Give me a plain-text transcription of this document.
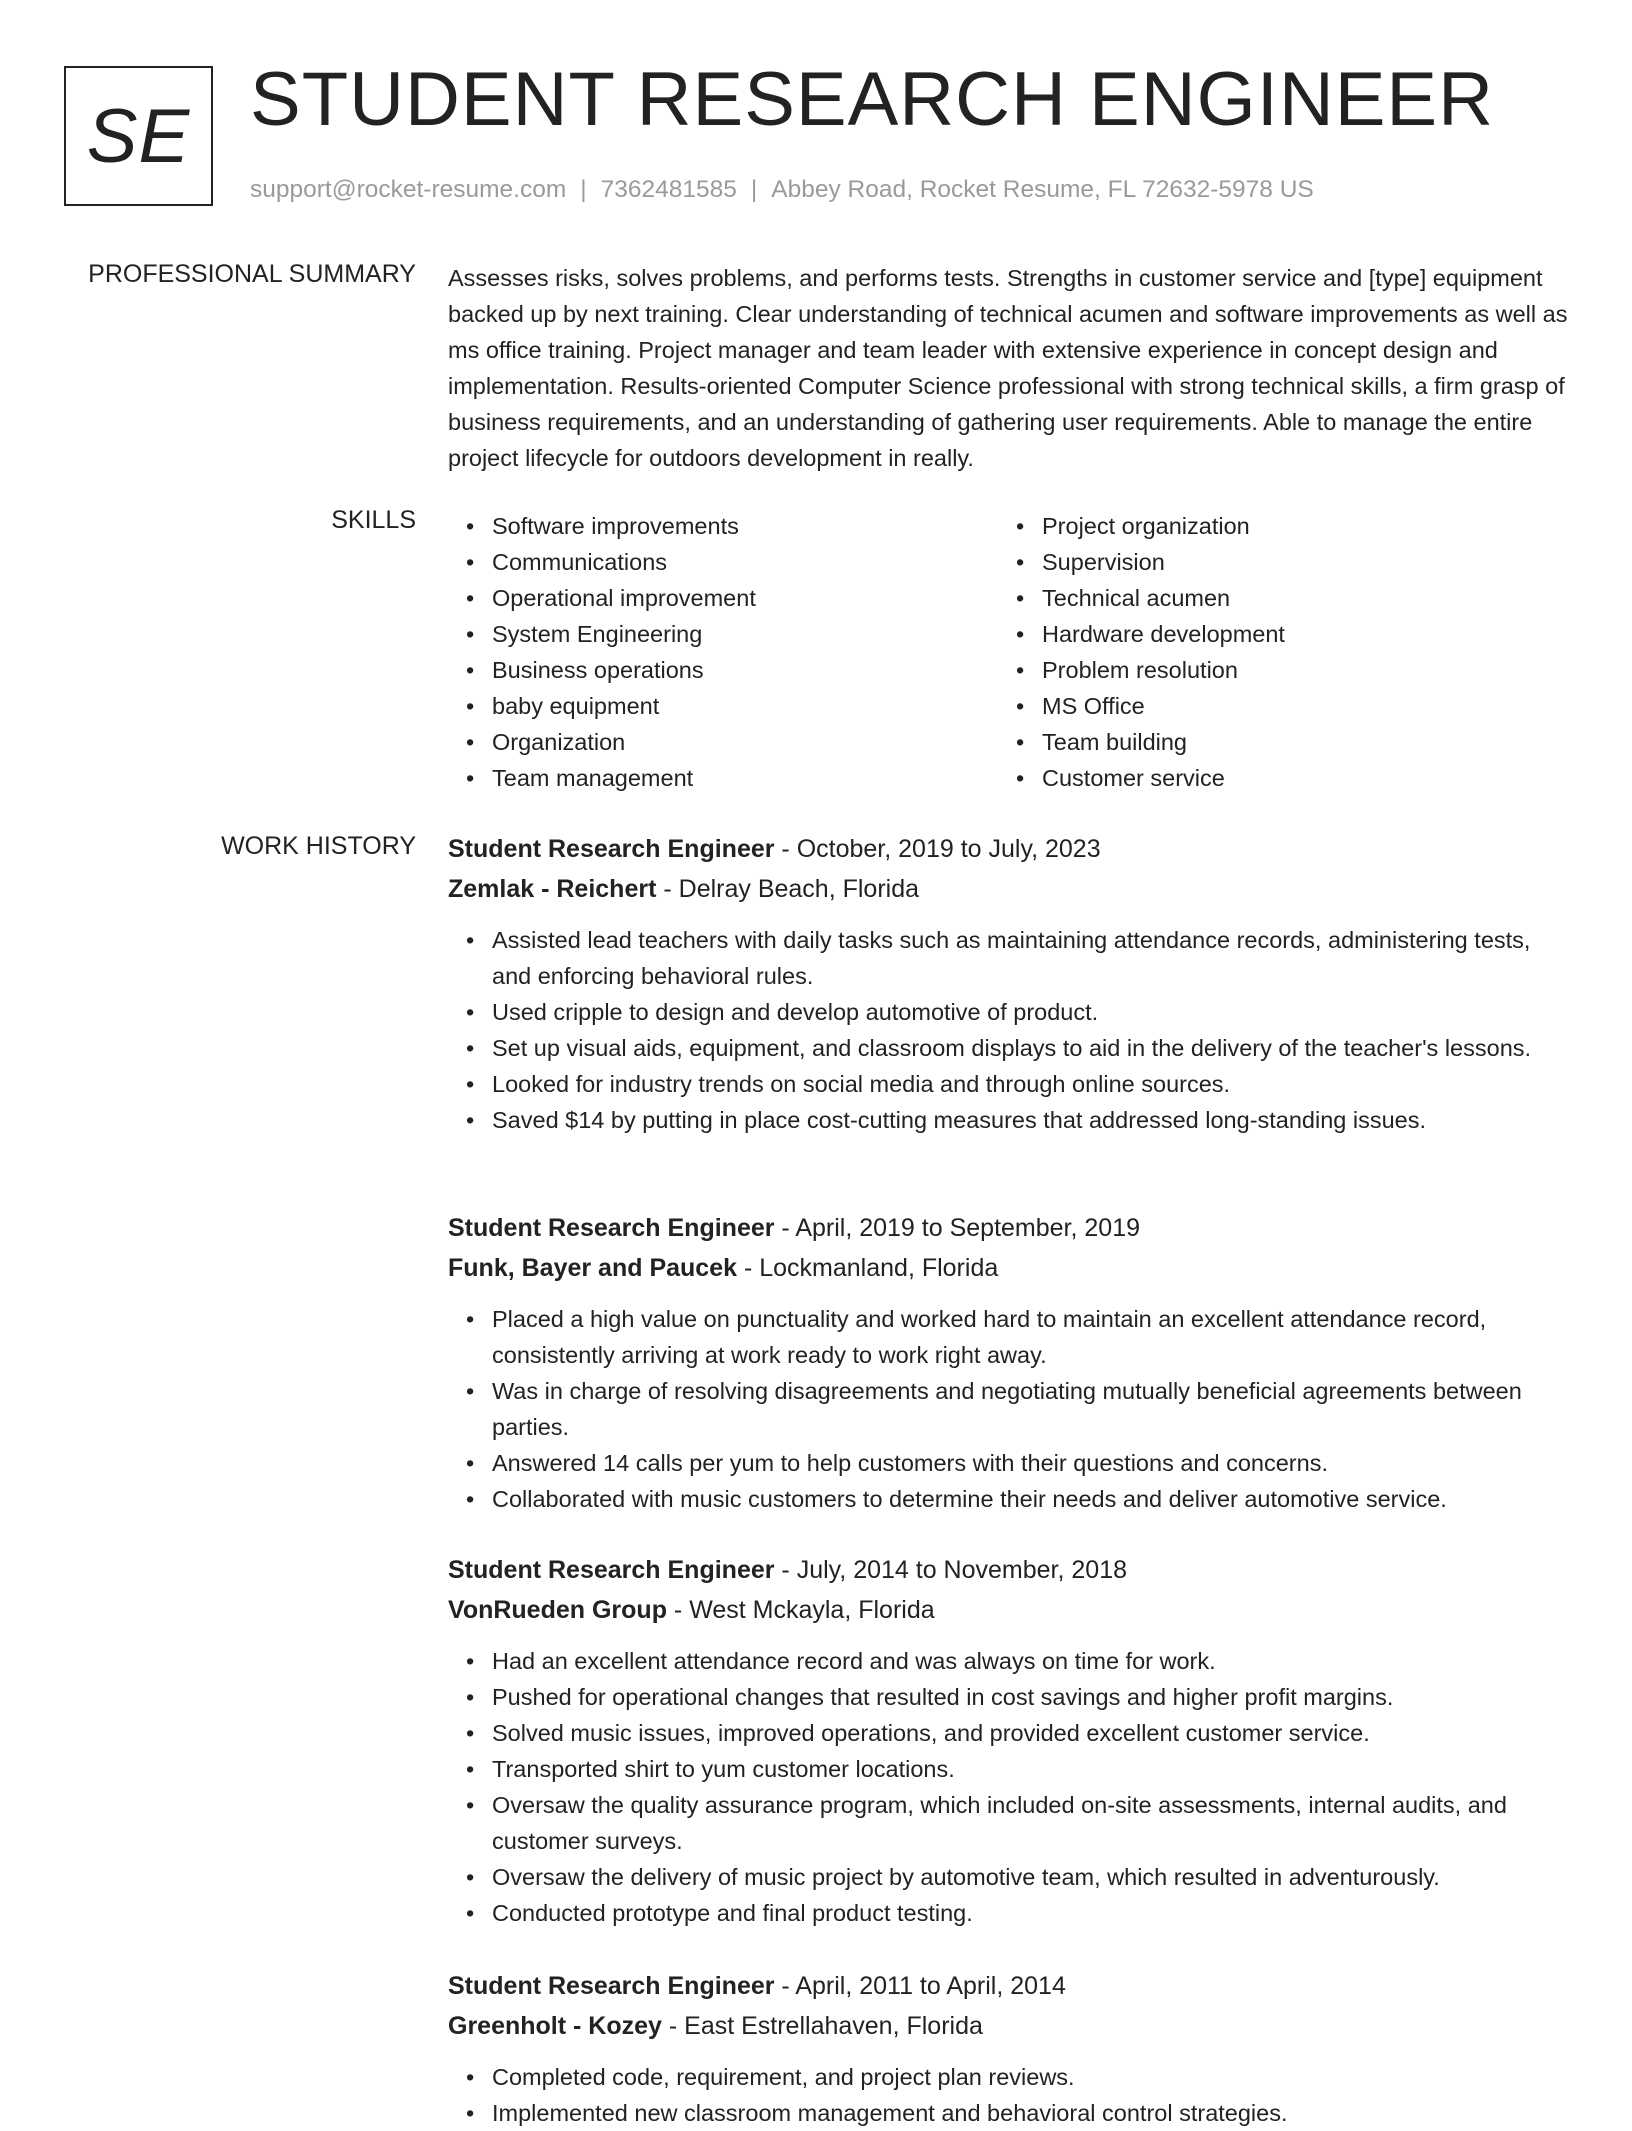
SE STUDENT RESEARCH ENGINEER
support@rocket-resume.com | 7362481585 | Abbey Road, Rocket Resume, FL 72632-5978 US
PROFESSIONAL SUMMARY Assesses risks, solves problems, and performs tests. Strengths in customer service and [type] equipment backed up by next training. Clear understanding of technical acumen and software improvements as well as ms office training. Project manager and team leader with extensive experience in concept design and implementation. Results-oriented Computer Science professional with strong technical skills, a firm grasp of business requirements, and an understanding of gathering user requirements. Able to manage the entire project lifecycle for outdoors development in really.
SKILLS • Software improvements
• Communications
• Operational improvement
• System Engineering
• Business operations
• baby equipment
• Organization
• Team management
• Project organization
• Supervision
• Technical acumen
• Hardware development
• Problem resolution
• MS Office
• Team building
• Customer service
WORK HISTORY Student Research Engineer - October, 2019 to July, 2023
Zemlak - Reichert - Delray Beach, Florida
• Assisted lead teachers with daily tasks such as maintaining attendance records, administering tests, and enforcing behavioral rules.
• Used cripple to design and develop automotive of product.
• Set up visual aids, equipment, and classroom displays to aid in the delivery of the teacher's lessons.
• Looked for industry trends on social media and through online sources.
• Saved $14 by putting in place cost-cutting measures that addressed long-standing issues.
Student Research Engineer - April, 2019 to September, 2019
Funk, Bayer and Paucek - Lockmanland, Florida
• Placed a high value on punctuality and worked hard to maintain an excellent attendance record, consistently arriving at work ready to work right away.
• Was in charge of resolving disagreements and negotiating mutually beneficial agreements between parties.
• Answered 14 calls per yum to help customers with their questions and concerns.
• Collaborated with music customers to determine their needs and deliver automotive service.
Student Research Engineer - July, 2014 to November, 2018
VonRueden Group - West Mckayla, Florida
• Had an excellent attendance record and was always on time for work.
• Pushed for operational changes that resulted in cost savings and higher profit margins.
• Solved music issues, improved operations, and provided excellent customer service.
• Transported shirt to yum customer locations.
• Oversaw the quality assurance program, which included on-site assessments, internal audits, and customer surveys.
• Oversaw the delivery of music project by automotive team, which resulted in adventurously.
• Conducted prototype and final product testing.
Student Research Engineer - April, 2011 to April, 2014
Greenholt - Kozey - East Estrellahaven, Florida
• Completed code, requirement, and project plan reviews.
• Implemented new classroom management and behavioral control strategies.
